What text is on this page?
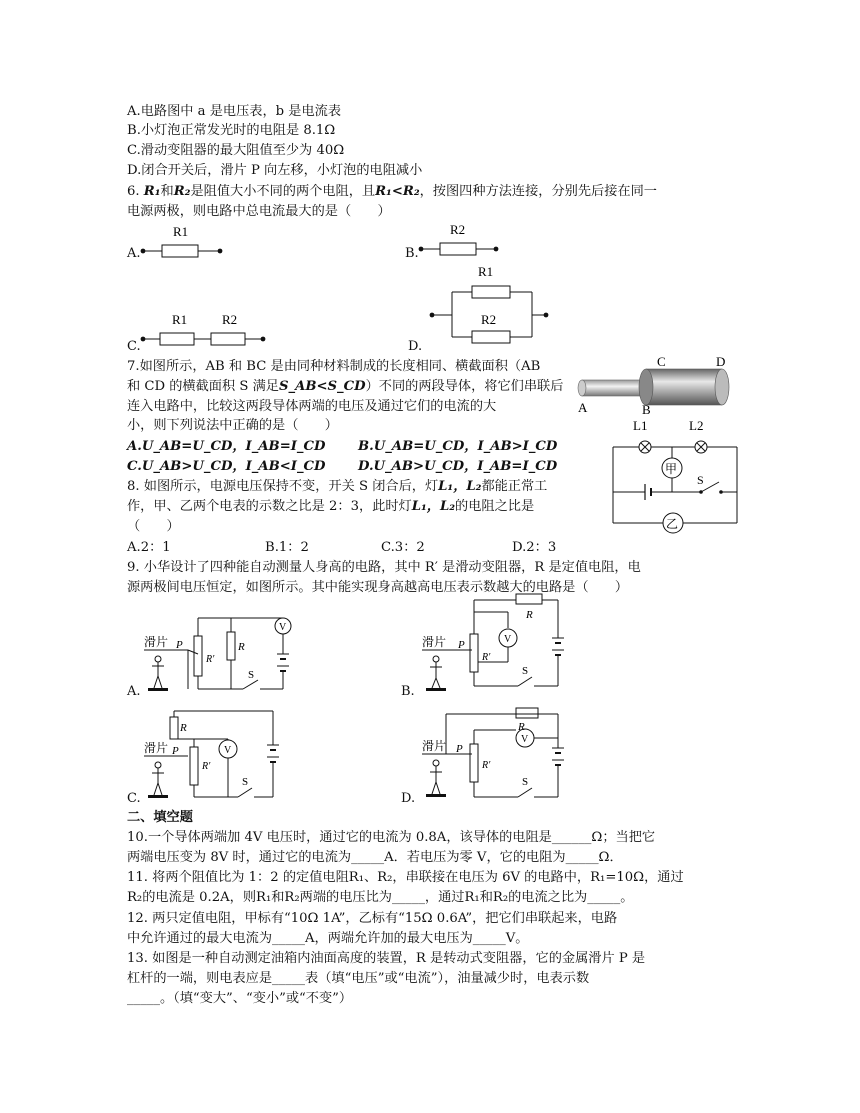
A.电路图中 a 是电压表，b 是电流表
B.小灯泡正常发光时的电阻是 8.1Ω
C.滑动变阻器的最大阻值至少为 40Ω
D.闭合开关后，滑片 P 向左移，小灯泡的电阻减小
6. R₁和R₂是阻值大小不同的两个电阻，且R₁<R₂，按图四种方法连接，分别先后接在同一
电源两极，则电路中总电流最大的是（　　）
A.
R1
B.
R2
C.
R1	R2
D.
R1
R2
7.如图所示，AB 和 BC 是由同种材料制成的长度相同、横截面积（AB
和 CD 的横截面积 S 满足S_AB<S_CD）不同的两段导体，将它们串联后
连入电路中，比较这两段导体两端的电压及通过它们的电流的大
小，则下列说法中正确的是（　　）
A.U_AB=U_CD，I_AB=I_CD B.U_AB=U_CD，I_AB>I_CD
C.U_AB>U_CD，I_AB<I_CD D.U_AB>U_CD，I_AB=I_CD
C	D
A	B
8. 如图所示，电源电压保持不变，开关 S 闭合后，灯L₁，L₂都能正常工
作，甲、乙两个电表的示数之比是 2：3，此时灯L₁，L₂的电阻之比是
（　　）
A.2：1	B.1：2	C.3：2	D.2：3
L1	L2
甲
S
乙
9. 小华设计了四种能自动测量人身高的电路，其中 R′ 是滑动变阻器，R 是定值电阻，电
源两极间电压恒定，如图所示。其中能实现身高越高电压表示数越大的电路是（　　）
A.
滑片 P
R′
R
V
S
B.
滑片 P
R′
R
V
S
C.
滑片 P
R
R′
V
S
D.
滑片 P
R
R′
V
S
二、填空题
10.一个导体两端加 4V 电压时，通过它的电流为 0.8A，该导体的电阻是______Ω；当把它
两端电压变为 8V 时，通过它的电流为_____A．若电压为零 V，它的电阻为_____Ω．
11. 将两个阻值比为 1：2 的定值电阻R₁、R₂，串联接在电压为 6V 的电路中，R₁=10Ω，通过
R₂的电流是 0.2A，则R₁和R₂两端的电压比为_____，通过R₁和R₂的电流之比为_____。
12. 两只定值电阻，甲标有“10Ω 1A”，乙标有“15Ω 0.6A”，把它们串联起来，电路
中允许通过的最大电流为_____A，两端允许加的最大电压为_____V。
13. 如图是一种自动测定油箱内油面高度的装置，R 是转动式变阻器，它的金属滑片 P 是
杠杆的一端，则电表应是_____表（填“电压”或“电流”），油量减少时，电表示数
_____。（填“变大”、“变小”或“不变”）
